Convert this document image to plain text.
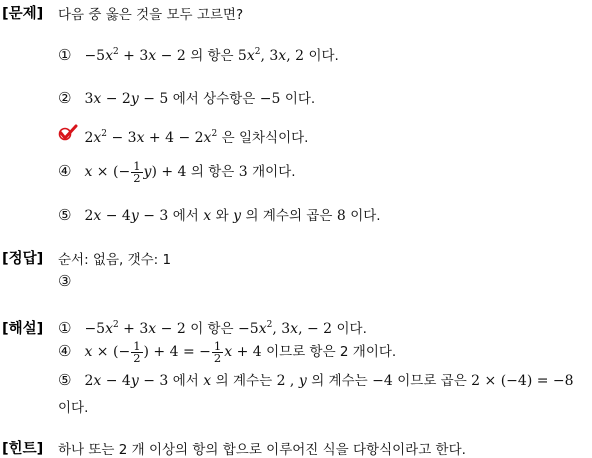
[문제] 다음 중 옳은 것을 모두 고르면?
① $-5x^2 + 3x - 2$ 의 항은 $5x^2$, 3x, 2 이다.
② 3x − 2y − 5 에서 상수항은 −5 이다.
$2x^2 - 3x + 4 - 2x^2$ 은 일차식이다.
④ x × (− $\frac{1}{2} y) + 4$ 의 항은 3 개이다.
⑤ 2x − 4y − 3 에서 x 와 y 의 계수의 곱은 8 이다.
[정답] 순서: 없음, 갯수: 1
③
[해설] ① $-5x^2 + 3x - 2$ 이 항은 $-5x^2$, 3x, − 2 이다.
④ x × (− $\frac{1}{2}$ ) + 4 = − $\frac{1}{2}$ x + 4 이므로 항은 2 개이다.
⑤ 2x − 4y − 3 에서 x 의 계수는 2 , y 의 계수는 −4 이므로 곱은 2 × (−4) = −8
이다.
[힌트] 하나 또는 2 개 이상의 항의 합으로 이루어진 식을 다항식이라고 한다.
